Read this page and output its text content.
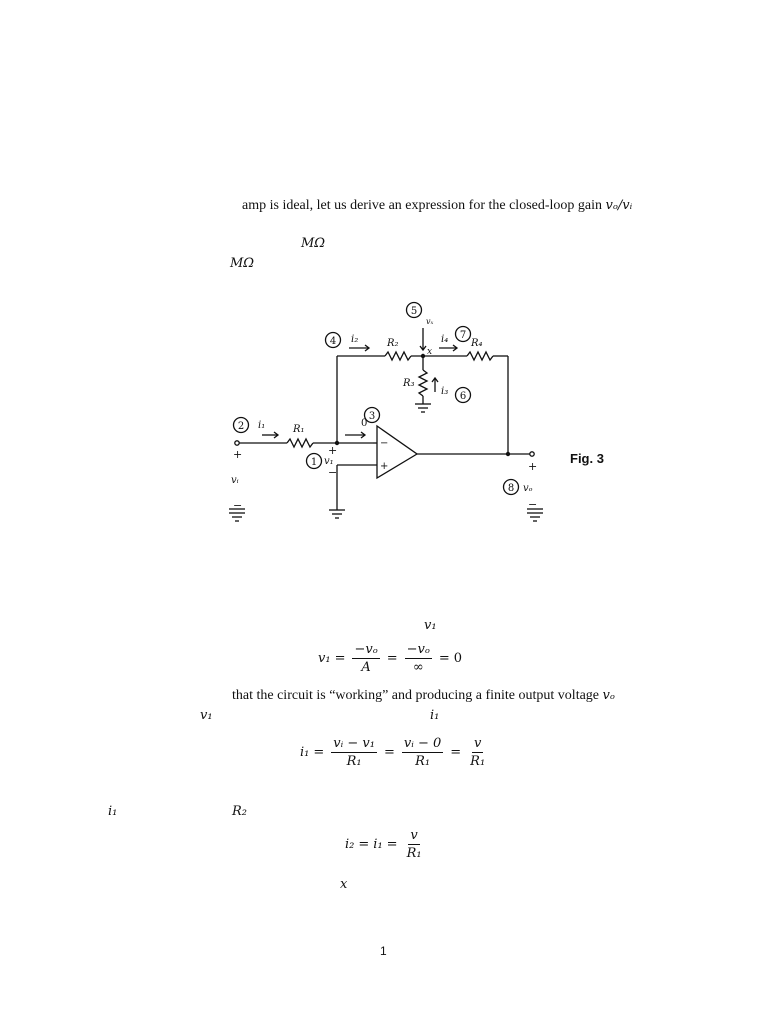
amp is ideal, let us derive an expression for the closed-loop gain vₒ/vᵢ
MΩ
MΩ
2
1
3
4
5
6
7
8
R₁
R₂
R₃
R₄
i₁
i₂
i₃
i₄
v₁
vᵢ
vₒ
vₓ
x
0
+
−
+
−
−
+	+
−
Fig. 3
v₁
$v_1 = \frac{\text{−vₒ}}{A} = \frac{\text{−vₒ}}{\infty} = 0$
that the circuit is “working” and producing a finite output voltage vₒ
v₁	i₁
$i_1 = \frac{\text{vᵢ − v₁}}{\text{R₁}} = \frac{\text{vᵢ − 0}}{\text{R₁}} = \frac{v}{\text{R₁}}$
i₁	R₂
$i_2 = i_1 = \frac{v}{\text{R₁}}$
x
1
